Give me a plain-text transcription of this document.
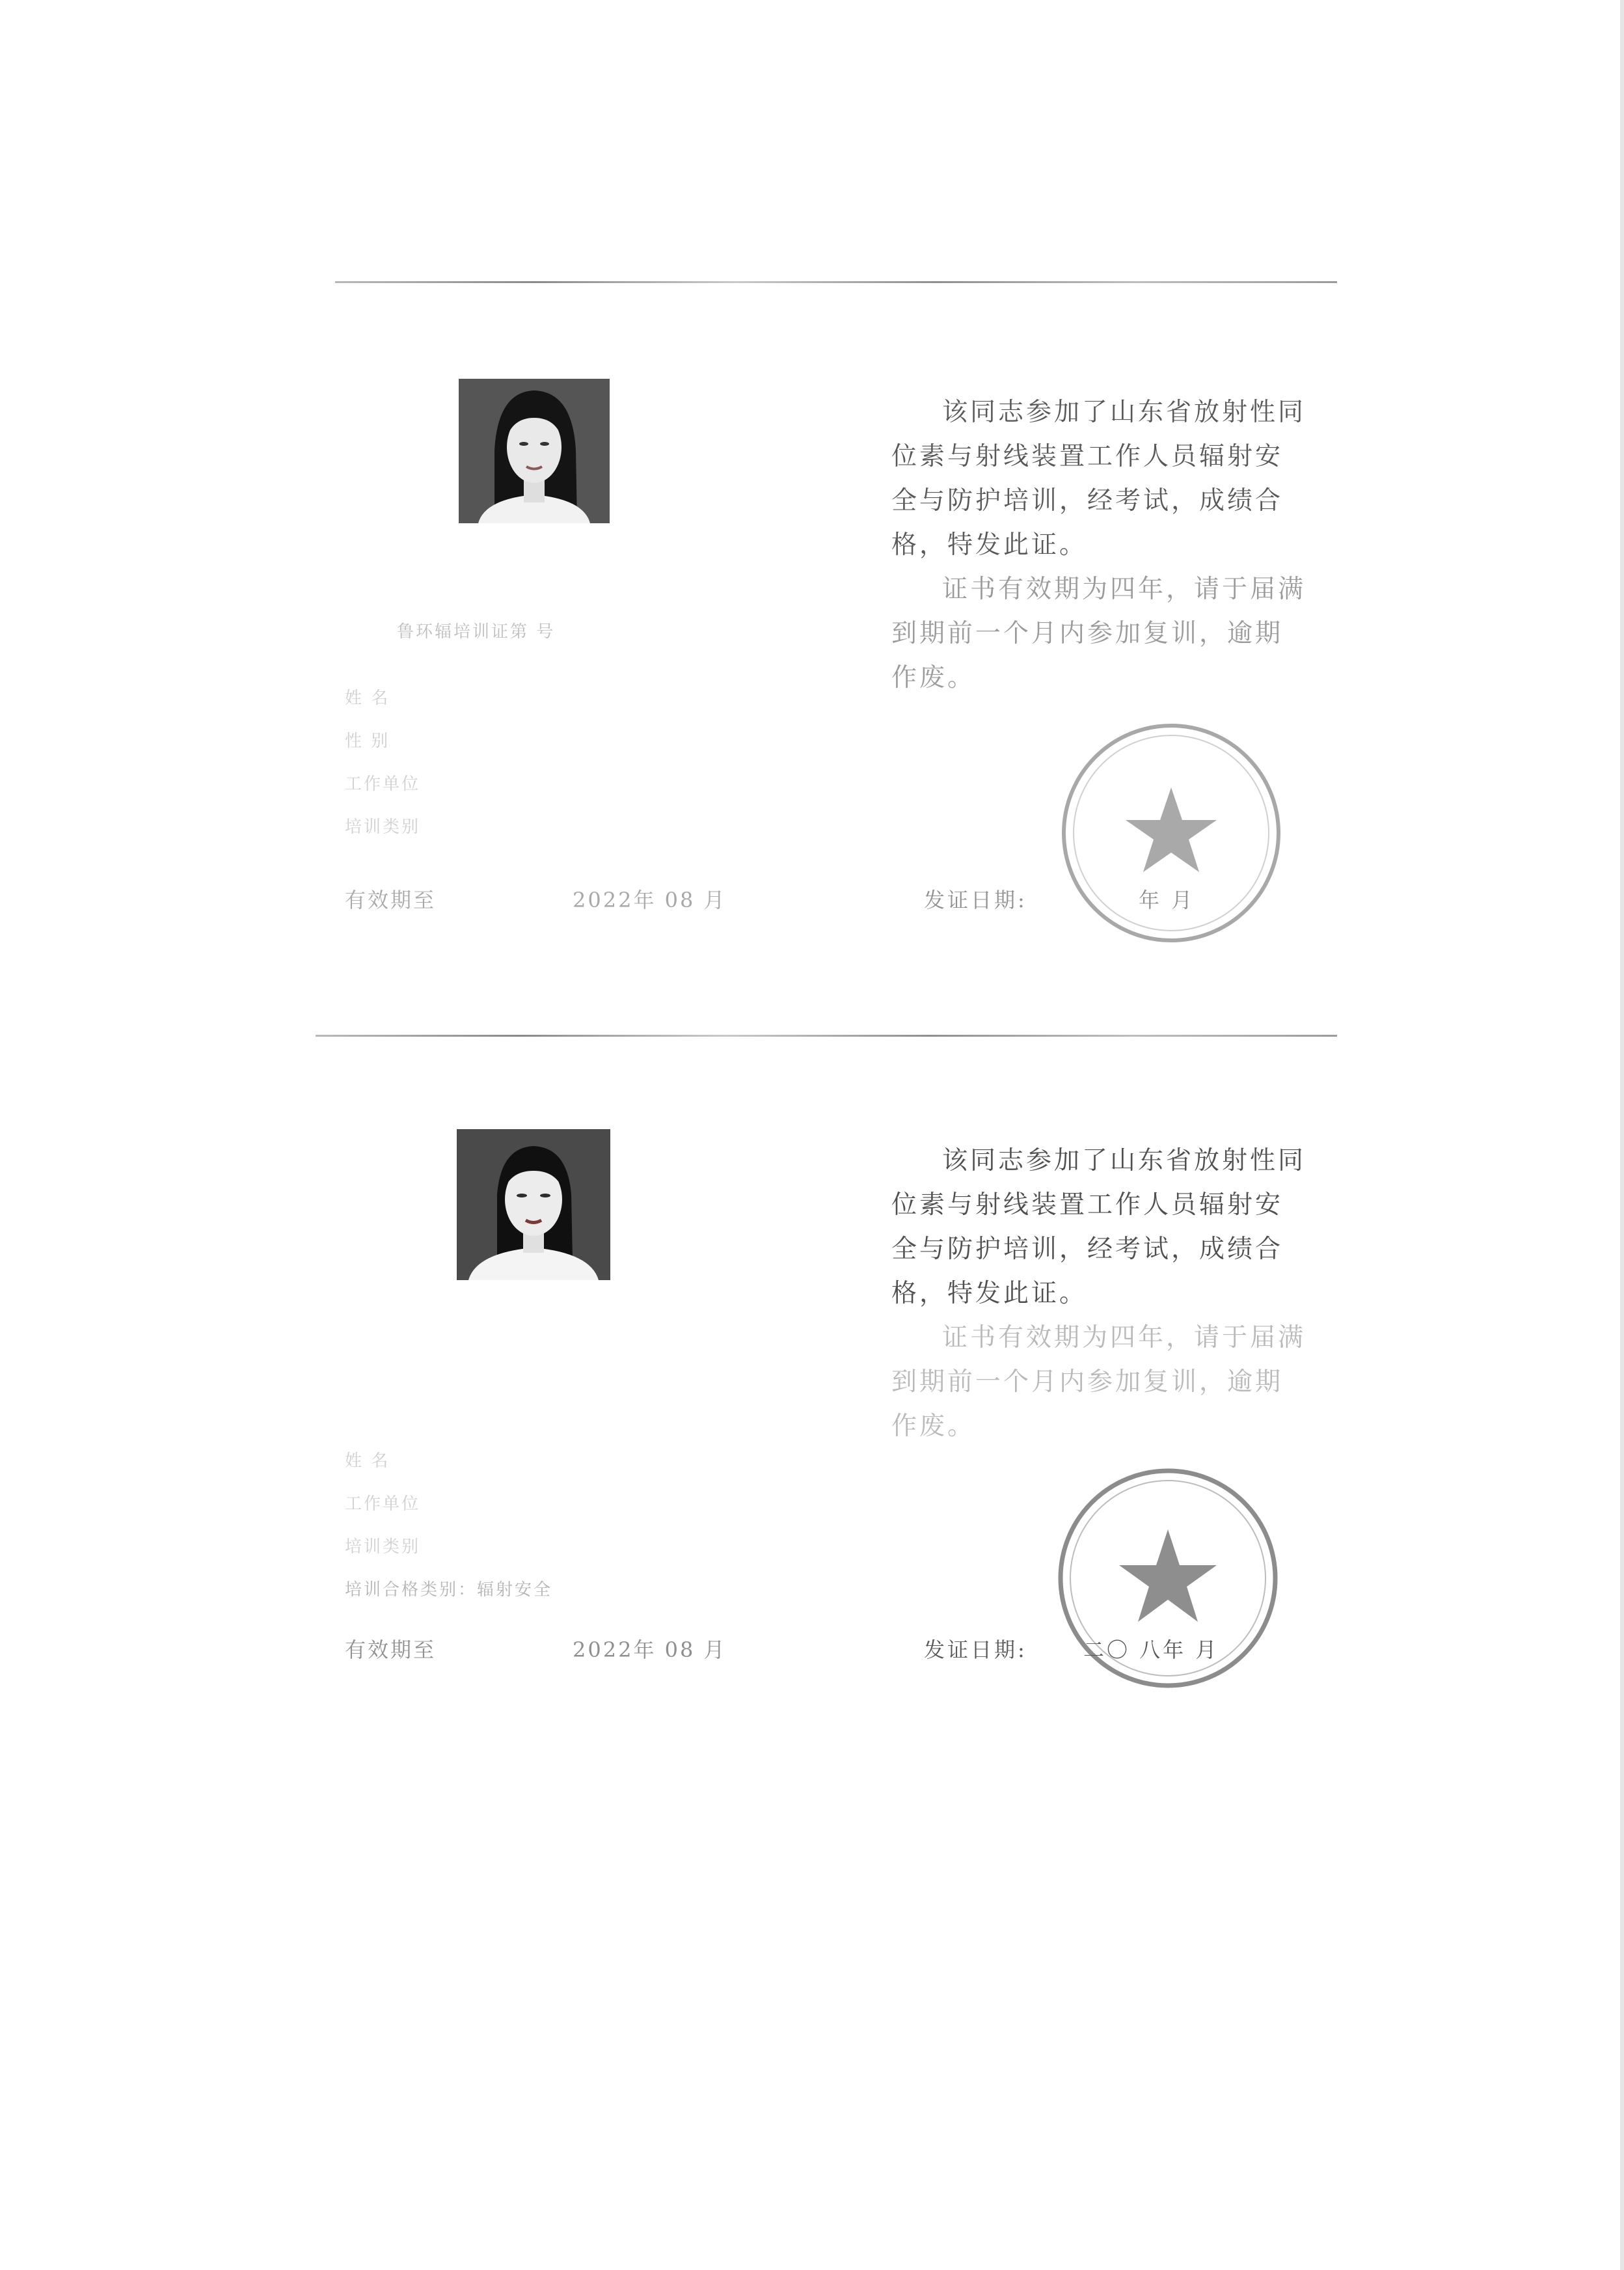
鲁环辐培训证第 号
姓 名
性 别
工作单位
培训类别
有效期至	2022年 08 月

该同志参加了山东省放射性同位素与射线装置工作人员辐射安全与防护培训，经考试，成绩合格，特发此证。

证书有效期为四年，请于届满到期前一个月内参加复训，逾期作废。

发证日期:	年 月
姓 名
工作单位
培训类别
培训合格类别：辐射安全
有效期至	2022年 08 月

该同志参加了山东省放射性同位素与射线装置工作人员辐射安全与防护培训，经考试，成绩合格，特发此证。

证书有效期为四年，请于届满到期前一个月内参加复训，逾期作废。

发证日期:	二〇 八年 月
